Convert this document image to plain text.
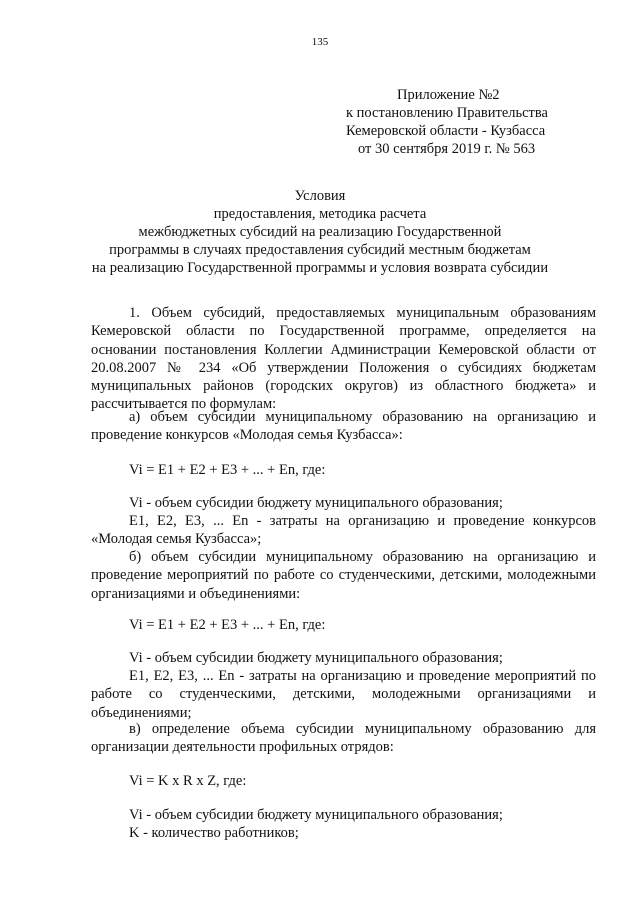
135
Приложение №2
к постановлению Правительства
Кемеровской области - Кузбасса
от 30 сентября 2019 г. № 563
Условия
предоставления, методика расчета
межбюджетных субсидий на реализацию Государственной
программы в случаях предоставления субсидий местным бюджетам
на реализацию Государственной программы и условия возврата субсидии

1. Объем субсидий, предоставляемых муниципальным образованиям Кемеровской области по Государственной программе, определяется на основании постановления Коллегии Администрации Кемеровской области от 20.08.2007 № 234 «Об утверждении Положения о субсидиях бюджетам муниципальных районов (городских округов) из областного бюджета» и рассчитывается по формулам:

а) объем субсидии муниципальному образованию на организацию и проведение конкурсов «Молодая семья Кузбасса»:

Vi = E1 + E2 + E3 + ... + En, где:
Vi - объем субсидии бюджету муниципального образования;

E1, E2, E3, ... En - затраты на организацию и проведение конкурсов «Молодая семья Кузбасса»;

б) объем субсидии муниципальному образованию на организацию и проведение мероприятий по работе со студенческими, детскими, молодежными организациями и объединениями:

Vi = E1 + E2 + E3 + ... + En, где:
Vi - объем субсидии бюджету муниципального образования;

E1, E2, E3, ... En - затраты на организацию и проведение мероприятий по работе со студенческими, детскими, молодежными организациями и объединениями;

в) определение объема субсидии муниципальному образованию для организации деятельности профильных отрядов:

Vi = K x R x Z, где:
Vi - объем субсидии бюджету муниципального образования;
K - количество работников;
